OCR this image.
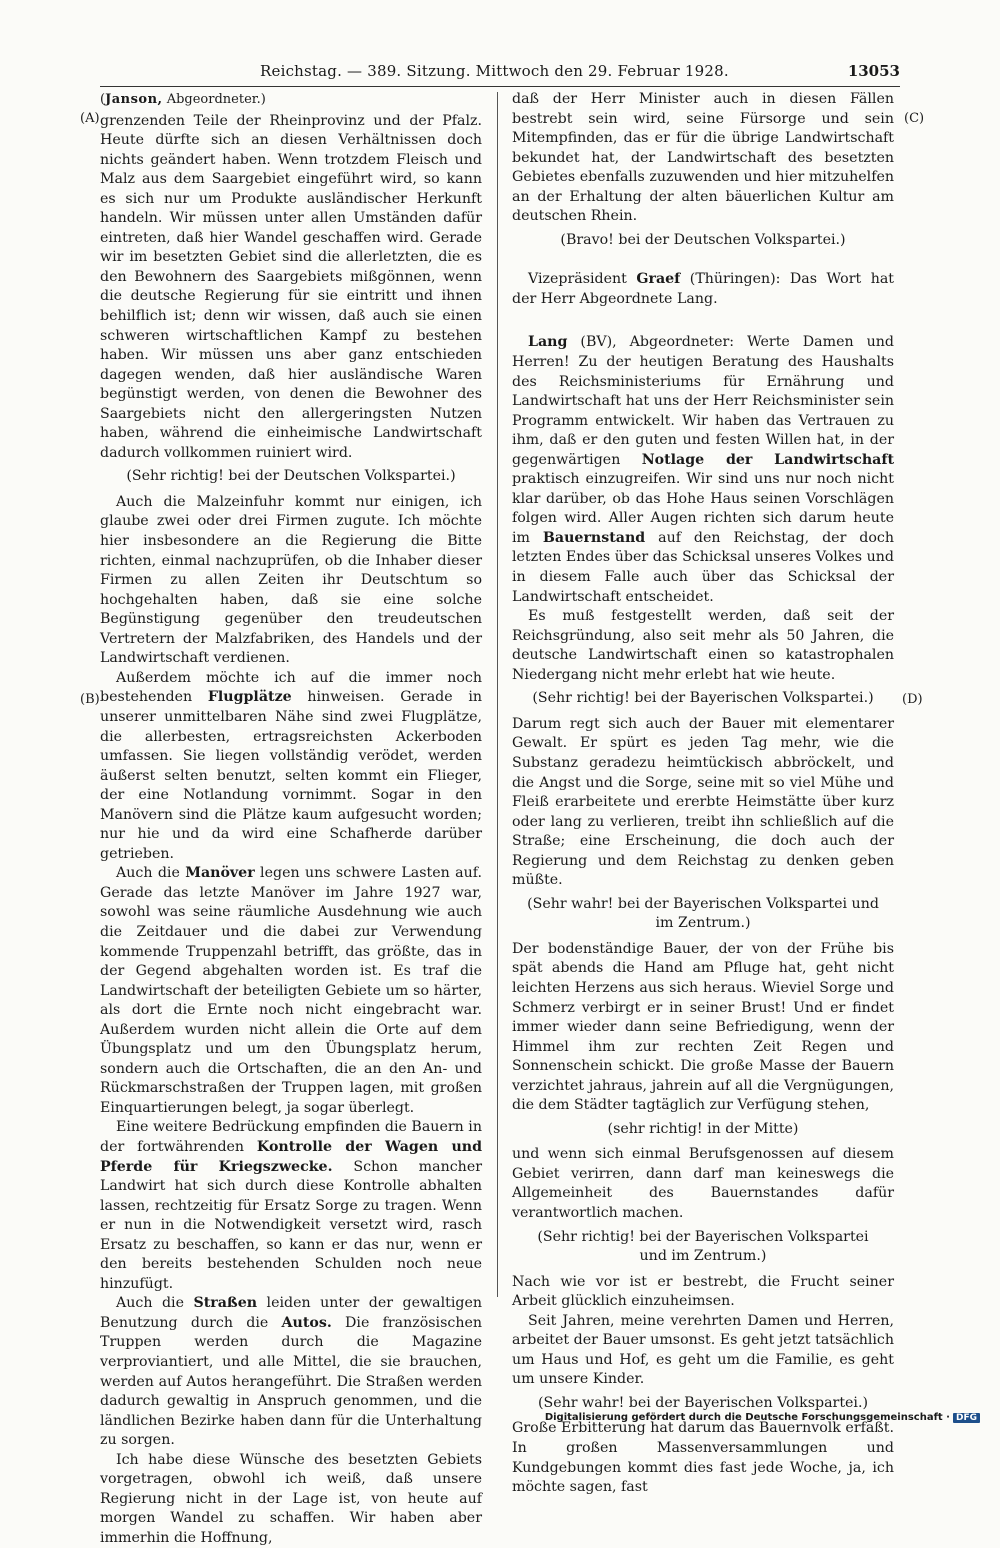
Reichstag. — 389. Sitzung. Mittwoch den 29. Februar 1928.	13053
(A)
(B)
(C)
(D)

(Janson, Abgeordneter.)

grenzenden Teile der Rheinprovinz und der Pfalz. Heute dürfte sich an diesen Verhältnissen doch nichts geändert haben. Wenn trotzdem Fleisch und Malz aus dem Saargebiet eingeführt wird, so kann es sich nur um Produkte ausländischer Herkunft handeln. Wir müssen unter allen Umständen dafür eintreten, daß hier Wandel geschaffen wird. Gerade wir im besetzten Gebiet sind die allerletzten, die es den Bewohnern des Saargebiets mißgönnen, wenn die deutsche Regierung für sie eintritt und ihnen behilflich ist; denn wir wissen, daß auch sie einen schweren wirtschaftlichen Kampf zu bestehen haben. Wir müssen uns aber ganz entschieden dagegen wenden, daß hier ausländische Waren begünstigt werden, von denen die Bewohner des Saargebiets nicht den allergeringsten Nutzen haben, während die einheimische Landwirtschaft dadurch vollkommen ruiniert wird.

(Sehr richtig! bei der Deutschen Volkspartei.)

Auch die Malzeinfuhr kommt nur einigen, ich glaube zwei oder drei Firmen zugute. Ich möchte hier insbesondere an die Regierung die Bitte richten, einmal nachzuprüfen, ob die Inhaber dieser Firmen zu allen Zeiten ihr Deutschtum so hochgehalten haben, daß sie eine solche Begünstigung gegenüber den treudeutschen Vertretern der Malzfabriken, des Handels und der Landwirtschaft verdienen.

Außerdem möchte ich auf die immer noch bestehenden Flugplätze hinweisen. Gerade in unserer unmittelbaren Nähe sind zwei Flugplätze, die allerbesten, ertragsreichsten Ackerboden umfassen. Sie liegen vollständig verödet, werden äußerst selten benutzt, selten kommt ein Flieger, der eine Notlandung vornimmt. Sogar in den Manövern sind die Plätze kaum aufgesucht worden; nur hie und da wird eine Schafherde darüber getrieben.

Auch die Manöver legen uns schwere Lasten auf. Gerade das letzte Manöver im Jahre 1927 war, sowohl was seine räumliche Ausdehnung wie auch die Zeitdauer und die dabei zur Verwendung kommende Truppenzahl betrifft, das größte, das in der Gegend abgehalten worden ist. Es traf die Landwirtschaft der beteiligten Gebiete um so härter, als dort die Ernte noch nicht eingebracht war. Außerdem wurden nicht allein die Orte auf dem Übungsplatz und um den Übungsplatz herum, sondern auch die Ortschaften, die an den An- und Rückmarschstraßen der Truppen lagen, mit großen Einquartierungen belegt, ja sogar überlegt.

Eine weitere Bedrückung empfinden die Bauern in der fortwährenden Kontrolle der Wagen und Pferde für Kriegszwecke. Schon mancher Landwirt hat sich durch diese Kontrolle abhalten lassen, rechtzeitig für Ersatz Sorge zu tragen. Wenn er nun in die Notwendigkeit versetzt wird, rasch Ersatz zu beschaffen, so kann er das nur, wenn er den bereits bestehenden Schulden noch neue hinzufügt.

Auch die Straßen leiden unter der gewaltigen Benutzung durch die Autos. Die französischen Truppen werden durch die Magazine verproviantiert, und alle Mittel, die sie brauchen, werden auf Autos herangeführt. Die Straßen werden dadurch gewaltig in Anspruch genommen, und die ländlichen Bezirke haben dann für die Unterhaltung zu sorgen.

Ich habe diese Wünsche des besetzten Gebiets vorgetragen, obwohl ich weiß, daß unsere Regierung nicht in der Lage ist, von heute auf morgen Wandel zu schaffen. Wir haben aber immerhin die Hoffnung,

daß der Herr Minister auch in diesen Fällen bestrebt sein wird, seine Fürsorge und sein Mitempfinden, das er für die übrige Landwirtschaft bekundet hat, der Landwirtschaft des besetzten Gebietes ebenfalls zuzuwenden und hier mitzuhelfen an der Erhaltung der alten bäuerlichen Kultur am deutschen Rhein.

(Bravo! bei der Deutschen Volkspartei.)

Vizepräsident Graef (Thüringen): Das Wort hat der Herr Abgeordnete Lang.

Lang (BV), Abgeordneter: Werte Damen und Herren! Zu der heutigen Beratung des Haushalts des Reichsministeriums für Ernährung und Landwirtschaft hat uns der Herr Reichsminister sein Programm entwickelt. Wir haben das Vertrauen zu ihm, daß er den guten und festen Willen hat, in der gegenwärtigen Notlage der Landwirtschaft praktisch einzugreifen. Wir sind uns nur noch nicht klar darüber, ob das Hohe Haus seinen Vorschlägen folgen wird. Aller Augen richten sich darum heute im Bauernstand auf den Reichstag, der doch letzten Endes über das Schicksal unseres Volkes und in diesem Falle auch über das Schicksal der Landwirtschaft entscheidet.

Es muß festgestellt werden, daß seit der Reichsgründung, also seit mehr als 50 Jahren, die deutsche Landwirtschaft einen so katastrophalen Niedergang nicht mehr erlebt hat wie heute.

(Sehr richtig! bei der Bayerischen Volkspartei.)

Darum regt sich auch der Bauer mit elementarer Gewalt. Er spürt es jeden Tag mehr, wie die Substanz geradezu heimtückisch abbröckelt, und die Angst und die Sorge, seine mit so viel Mühe und Fleiß erarbeitete und ererbte Heimstätte über kurz oder lang zu verlieren, treibt ihn schließlich auf die Straße; eine Erscheinung, die doch auch der Regierung und dem Reichstag zu denken geben müßte.

(Sehr wahr! bei der Bayerischen Volkspartei und
im Zentrum.)

Der bodenständige Bauer, der von der Frühe bis spät abends die Hand am Pfluge hat, geht nicht leichten Herzens aus sich heraus. Wieviel Sorge und Schmerz verbirgt er in seiner Brust! Und er findet immer wieder dann seine Befriedigung, wenn der Himmel ihm zur rechten Zeit Regen und Sonnenschein schickt. Die große Masse der Bauern verzichtet jahraus, jahrein auf all die Vergnügungen, die dem Städter tagtäglich zur Verfügung stehen,

(sehr richtig! in der Mitte)

und wenn sich einmal Berufsgenossen auf diesem Gebiet verirren, dann darf man keineswegs die Allgemeinheit des Bauernstandes dafür verantwortlich machen.

(Sehr richtig! bei der Bayerischen Volkspartei
und im Zentrum.)

Nach wie vor ist er bestrebt, die Frucht seiner Arbeit glücklich einzuheimsen.

Seit Jahren, meine verehrten Damen und Herren, arbeitet der Bauer umsonst. Es geht jetzt tatsächlich um Haus und Hof, es geht um die Familie, es geht um unsere Kinder.

(Sehr wahr! bei der Bayerischen Volkspartei.)

Große Erbitterung hat darum das Bauernvolk erfaßt. In großen Massenversammlungen und Kundgebungen kommt dies fast jede Woche, ja, ich möchte sagen, fast

Digitalisierung gefördert durch die Deutsche Forschungsgemeinschaft · DFG
